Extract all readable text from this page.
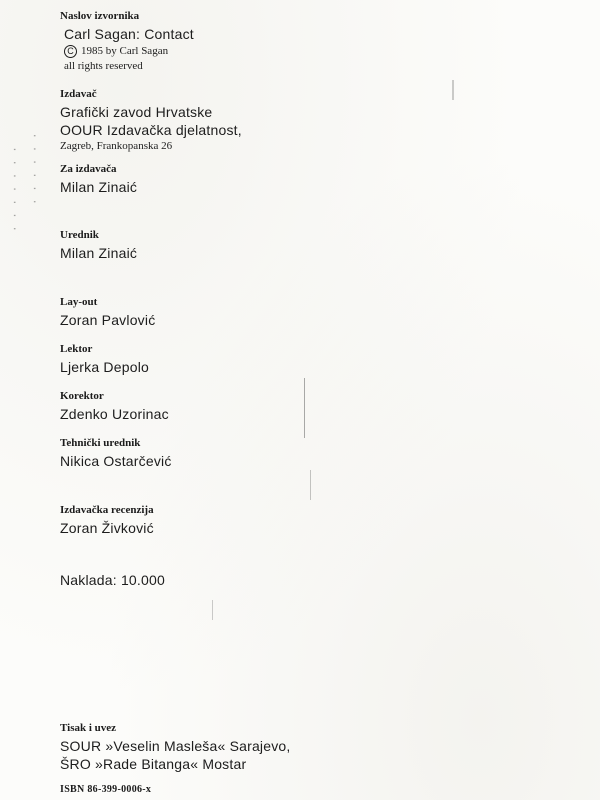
· · · · · · · · · · · · ·
Naslov izvornika
Carl Sagan: Contact
C 1985 by Carl Sagan
all rights reserved
Izdavač
Grafički zavod Hrvatske
OOUR Izdavačka djelatnost,
Zagreb, Frankopanska 26
Za izdavača
Milan Zinaić
Urednik
Milan Zinaić
Lay-out
Zoran Pavlović
Lektor
Ljerka Depolo
Korektor
Zdenko Uzorinac
Tehnički urednik
Nikica Ostarčević
Izdavačka recenzija
Zoran Živković
Naklada: 10.000
Tisak i uvez
SOUR »Veselin Masleša« Sarajevo,
ŠRO »Rade Bitanga« Mostar
ISBN 86-399-0006-x
